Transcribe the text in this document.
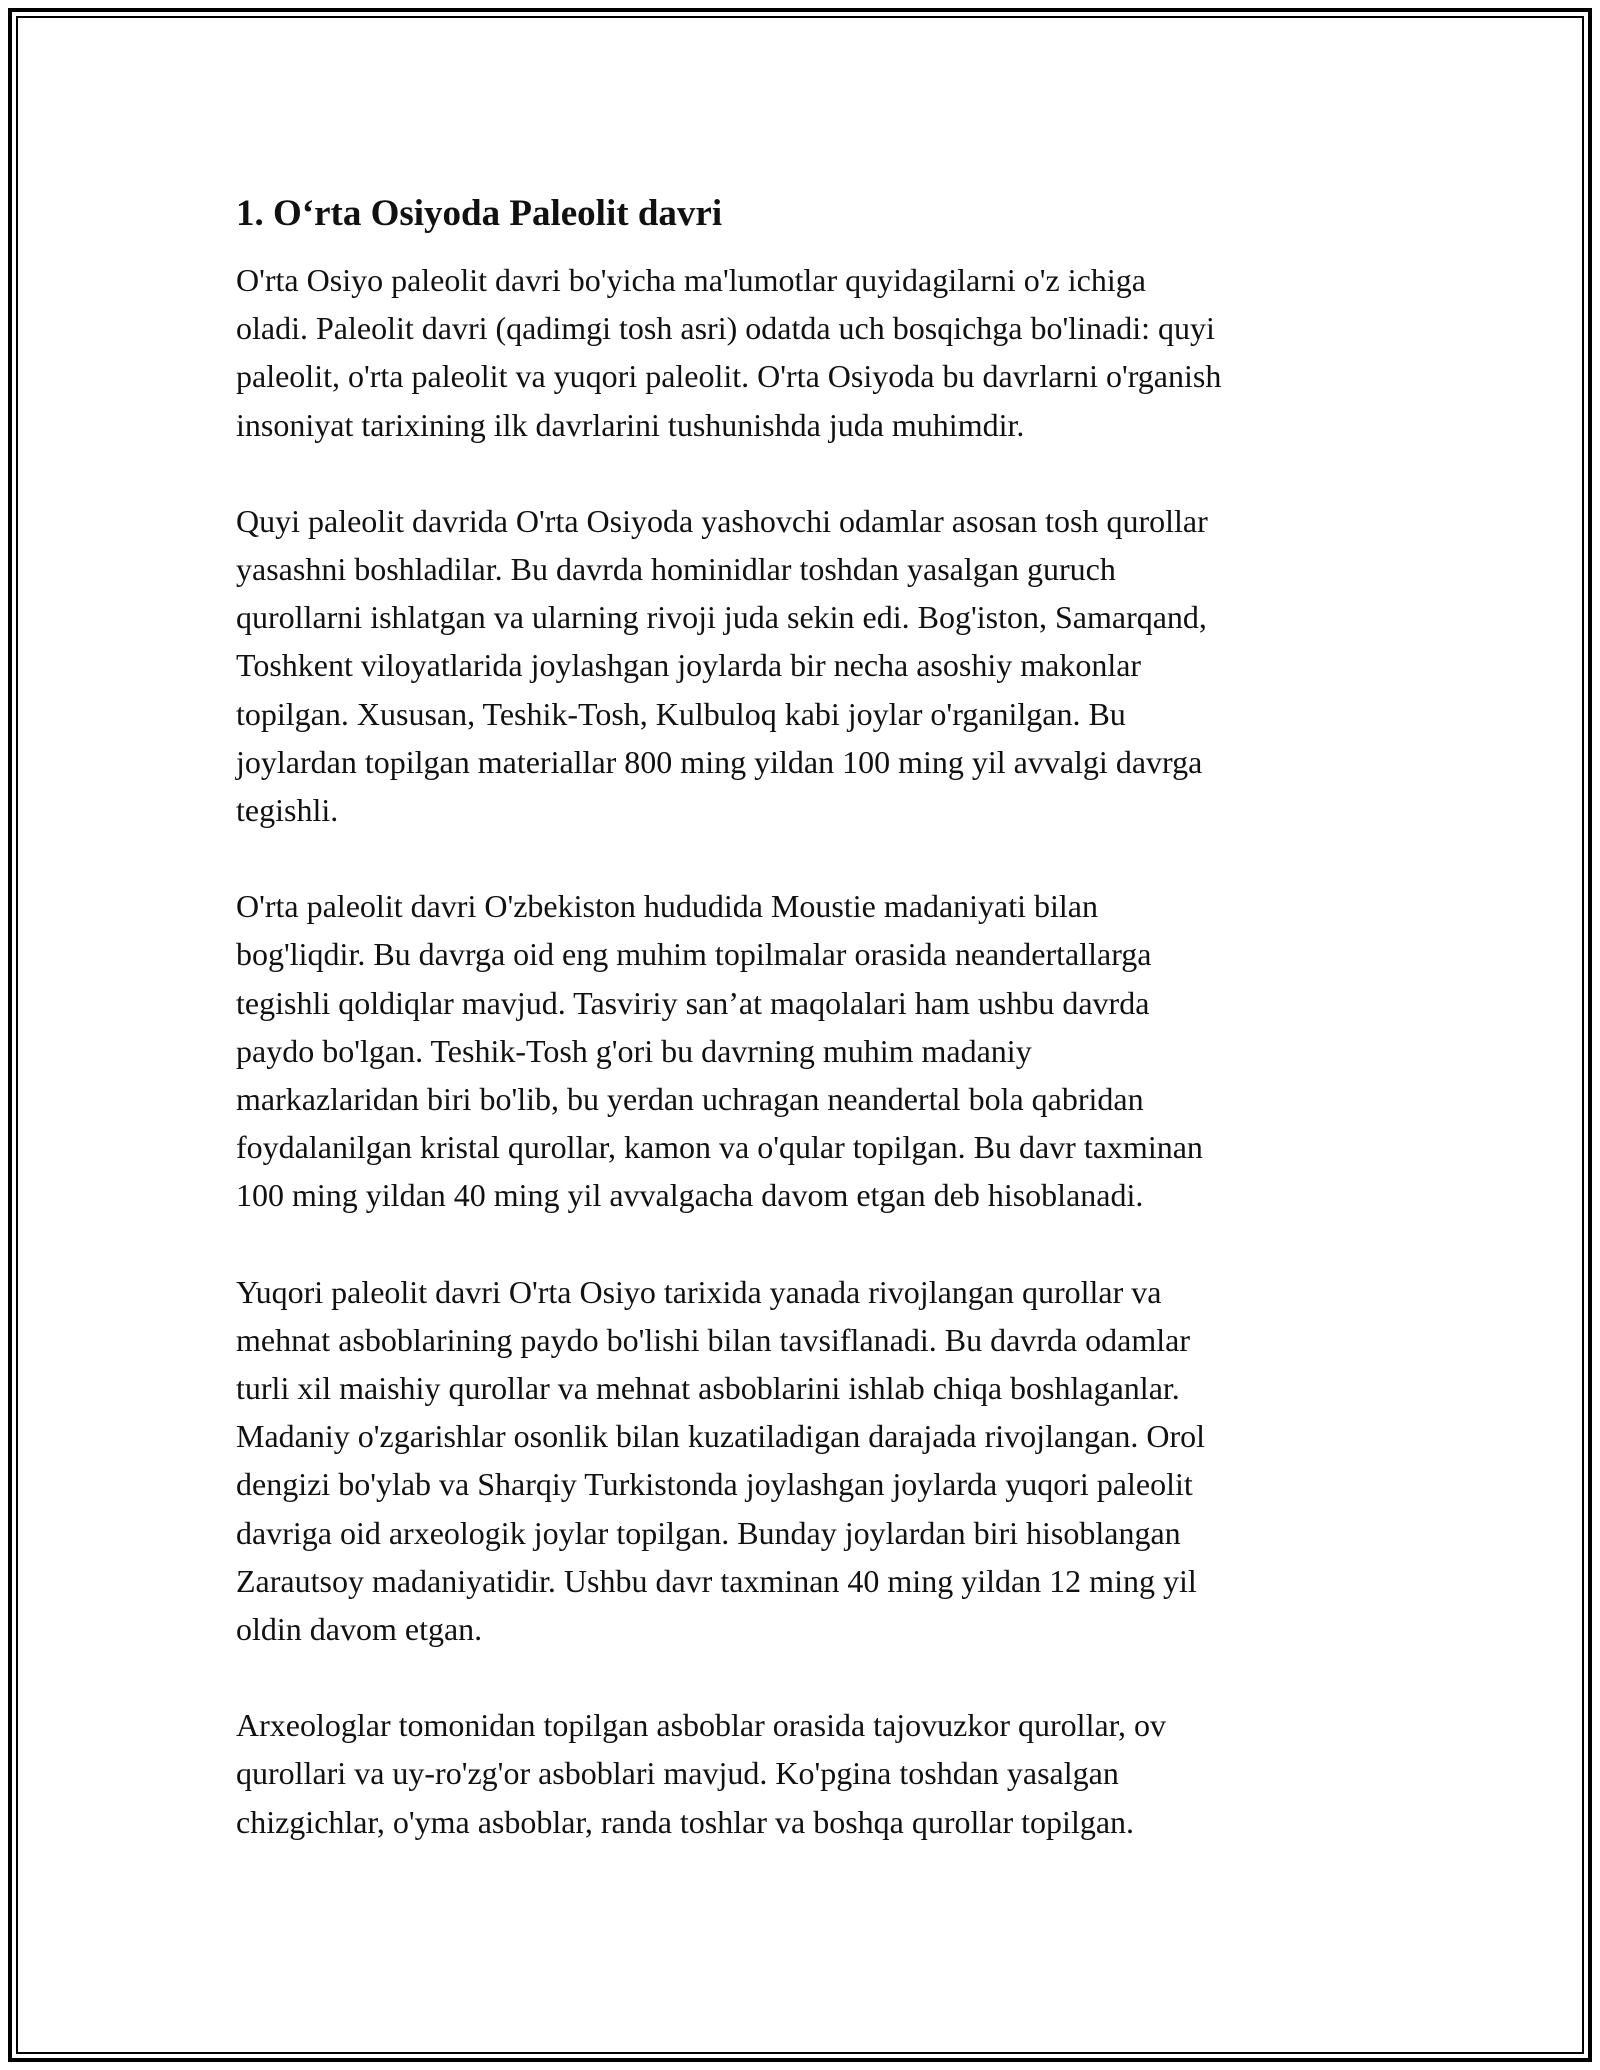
1. O‘rta Osiyoda Paleolit davri

O'rta Osiyo paleolit davri bo'yicha ma'lumotlar quyidagilarni o'z ichiga
oladi. Paleolit davri (qadimgi tosh asri) odatda uch bosqichga bo'linadi: quyi
paleolit, o'rta paleolit va yuqori paleolit. O'rta Osiyoda bu davrlarni o'rganish
insoniyat tarixining ilk davrlarini tushunishda juda muhimdir.

Quyi paleolit davrida O'rta Osiyoda yashovchi odamlar asosan tosh qurollar
yasashni boshladilar. Bu davrda hominidlar toshdan yasalgan guruch
qurollarni ishlatgan va ularning rivoji juda sekin edi. Bog'iston, Samarqand,
Toshkent viloyatlarida joylashgan joylarda bir necha asoshiy makonlar
topilgan. Xususan, Teshik-Tosh, Kulbuloq kabi joylar o'rganilgan. Bu
joylardan topilgan materiallar 800 ming yildan 100 ming yil avvalgi davrga
tegishli.

O'rta paleolit davri O'zbekiston hududida Moustie madaniyati bilan
bog'liqdir. Bu davrga oid eng muhim topilmalar orasida neandertallarga
tegishli qoldiqlar mavjud. Tasviriy san’at maqolalari ham ushbu davrda
paydo bo'lgan. Teshik-Tosh g'ori bu davrning muhim madaniy
markazlaridan biri bo'lib, bu yerdan uchragan neandertal bola qabridan
foydalanilgan kristal qurollar, kamon va o'qular topilgan. Bu davr taxminan
100 ming yildan 40 ming yil avvalgacha davom etgan deb hisoblanadi.

Yuqori paleolit davri O'rta Osiyo tarixida yanada rivojlangan qurollar va
mehnat asboblarining paydo bo'lishi bilan tavsiflanadi. Bu davrda odamlar
turli xil maishiy qurollar va mehnat asboblarini ishlab chiqa boshlaganlar.
Madaniy o'zgarishlar osonlik bilan kuzatiladigan darajada rivojlangan. Orol
dengizi bo'ylab va Sharqiy Turkistonda joylashgan joylarda yuqori paleolit
davriga oid arxeologik joylar topilgan. Bunday joylardan biri hisoblangan
Zarautsoy madaniyatidir. Ushbu davr taxminan 40 ming yildan 12 ming yil
oldin davom etgan.

Arxeologlar tomonidan topilgan asboblar orasida tajovuzkor qurollar, ov
qurollari va uy-ro'zg'or asboblari mavjud. Ko'pgina toshdan yasalgan
chizgichlar, o'yma asboblar, randa toshlar va boshqa qurollar topilgan.
